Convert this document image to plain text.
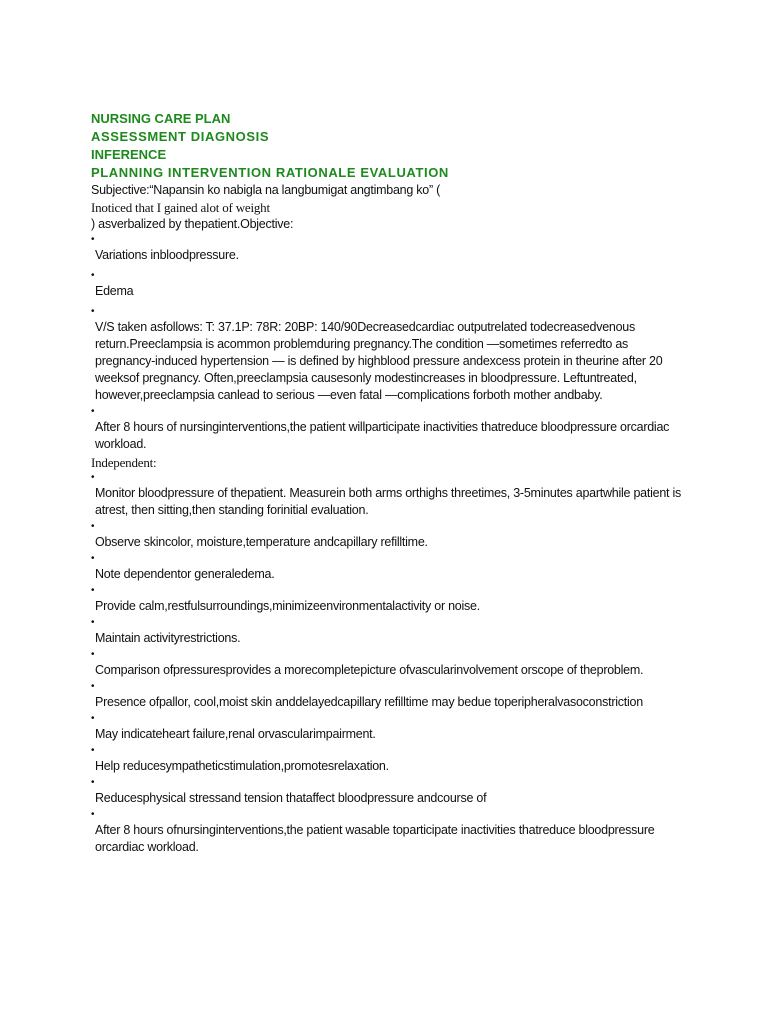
NURSING CARE PLAN
ASSESSMENT DIAGNOSIS
INFERENCE
PLANNING INTERVENTION RATIONALE EVALUATION
Subjective:“Napansin ko nabigla na langbumigat angtimbang ko” (
Inoticed that I gained alot of weight
) asverbalized by thepatient.Objective:
•
Variations inbloodpressure.
•
Edema
•
V/S taken asfollows: T: 37.1P: 78R: 20BP: 140/90Decreasedcardiac outputrelated todecreasedvenous return.Preeclampsia is acommon problemduring pregnancy.The condition —sometimes referredto as pregnancy-induced hypertension — is defined by highblood pressure andexcess protein in theurine after 20 weeksof pregnancy. Often,preeclampsia causesonly modestincreases in bloodpressure. Leftuntreated, however,preeclampsia canlead to serious —even fatal —complications forboth mother andbaby.
•
After 8 hours of nursinginterventions,the patient willparticipate inactivities thatreduce bloodpressure orcardiac workload.
Independent:
•
Monitor bloodpressure of thepatient. Measurein both arms orthighs threetimes, 3-5minutes apartwhile patient is atrest, then sitting,then standing forinitial evaluation.
•
Observe skincolor, moisture,temperature andcapillary refilltime.
•
Note dependentor generaledema.
•
Provide calm,restfulsurroundings,minimizeenvironmentalactivity or noise.
•
Maintain activityrestrictions.
•
Comparison ofpressuresprovides a morecompletepicture ofvascularinvolvement orscope of theproblem.
•
Presence ofpallor, cool,moist skin anddelayedcapillary refilltime may bedue toperipheralvasoconstriction
•
May indicateheart failure,renal orvascularimpairment.
•
Help reducesympatheticstimulation,promotesrelaxation.
•
Reducesphysical stressand tension thataffect bloodpressure andcourse of
•
After 8 hours ofnursinginterventions,the patient wasable toparticipate inactivities thatreduce bloodpressure orcardiac workload.
